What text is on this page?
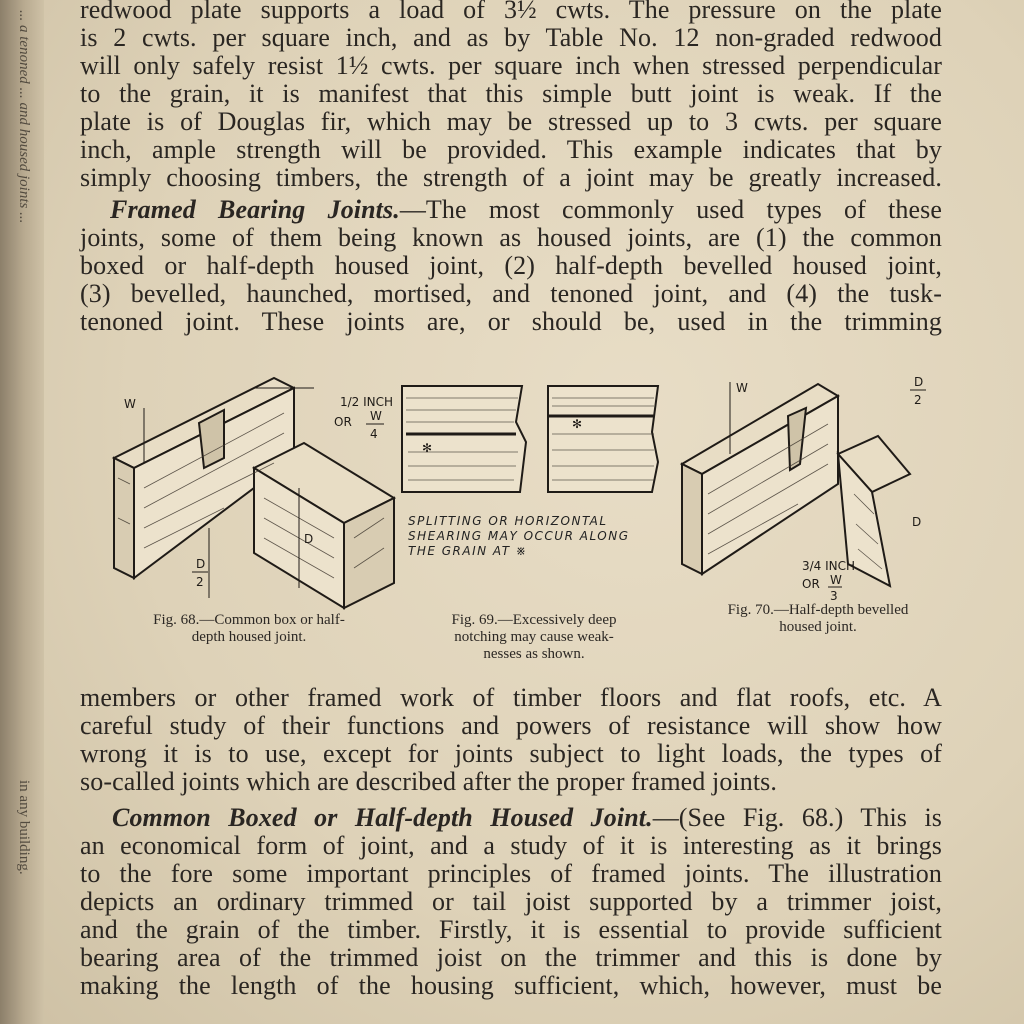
... a tenoned ... and housed joints ...
in any building.

redwood plate supports a load of 3½ cwts. The pressure on the plate

is 2 cwts. per square inch, and as by Table No. 12 non-graded redwood

will only safely resist 1½ cwts. per square inch when stressed perpendicular

to the grain, it is manifest that this simple butt joint is weak. If the

plate is of Douglas fir, which may be stressed up to 3 cwts. per square

inch, ample strength will be provided. This example indicates that by

simply choosing timbers, the strength of a joint may be greatly increased.

Framed Bearing Joints.—The most commonly used types of these

joints, some of them being known as housed joints, are (1) the common

boxed or half-depth housed joint, (2) half-depth bevelled housed joint,

(3) bevelled, haunched, mortised, and tenoned joint, and (4) the tusk-

tenoned joint. These joints are, or should be, used in the trimming

W	1/2 INCH
OR W
4
D
D
2
Fig. 68.—Common box or half-
depth housed joint.
✻
✻
SPLITTING OR HORIZONTAL
SHEARING MAY OCCUR ALONG
THE GRAIN AT ※
Fig. 69.—Excessively deep
notching may cause weak-
nesses as shown.
W	D
2
D
3/4 INCH
OR W
3
Fig. 70.—Half-depth bevelled
housed joint.

members or other framed work of timber floors and flat roofs, etc. A

careful study of their functions and powers of resistance will show how

wrong it is to use, except for joints subject to light loads, the types of

so-called joints which are described after the proper framed joints.

Common Boxed or Half-depth Housed Joint.—(See Fig. 68.) This is

an economical form of joint, and a study of it is interesting as it brings

to the fore some important principles of framed joints. The illustration

depicts an ordinary trimmed or tail joist supported by a trimmer joist,

and the grain of the timber. Firstly, it is essential to provide sufficient

bearing area of the trimmed joist on the trimmer and this is done by

making the length of the housing sufficient, which, however, must be
